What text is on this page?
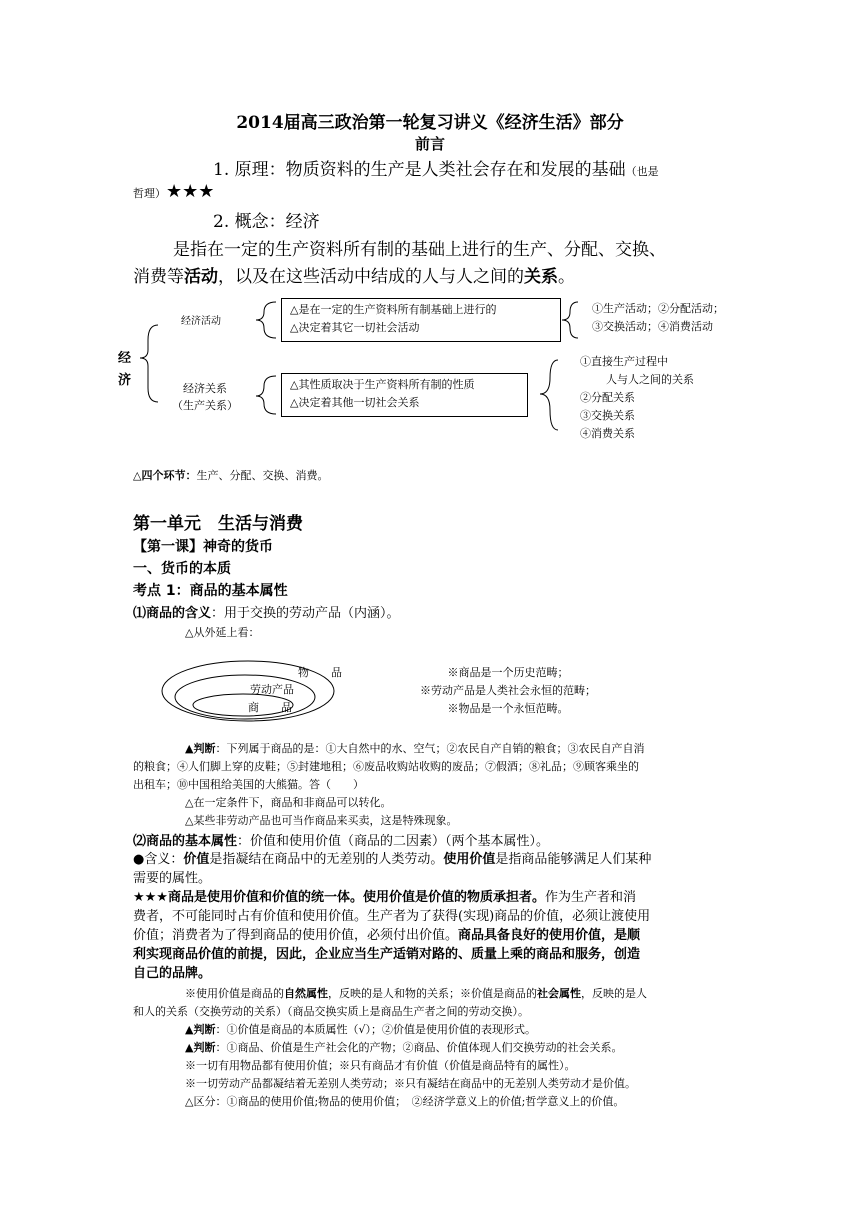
2014届高三政治第一轮复习讲义《经济生活》部分
前言
1. 原理：物质资料的生产是人类社会存在和发展的基础（也是
哲理）★★★
2. 概念：经济
是指在一定的生产资料所有制的基础上进行的生产、分配、交换、
消费等活动，以及在这些活动中结成的人与人之间的关系。
经
济
经济活动
△是在一定的生产资料所有制基础上进行的
△决定着其它一切社会活动
①生产活动；②分配活动；
③交换活动；④消费活动
经济关系
（生产关系）
△其性质取决于生产资料所有制的性质
△决定着其他一切社会关系
①直接生产过程中
人与人之间的关系
②分配关系
③交换关系
④消费关系
△四个环节：生产、分配、交换、消费。
第一单元　生活与消费
【第一课】神奇的货币
一、货币的本质
考点 1：商品的基本属性
⑴商品的含义：用于交换的劳动产品（内涵）。
△从外延上看：
物　　品
劳动产品
商　　品
※商品是一个历史范畴；
※劳动产品是人类社会永恒的范畴；
※物品是一个永恒范畴。
▲判断：下列属于商品的是：①大自然中的水、空气；②农民自产自销的粮食；③农民自产自消
的粮食；④人们脚上穿的皮鞋；⑤封建地租；⑥废品收购站收购的废品；⑦假酒；⑧礼品；⑨顾客乘坐的
出租车；⑩中国租给美国的大熊猫。答（　　）
△在一定条件下，商品和非商品可以转化。
△某些非劳动产品也可当作商品来买卖，这是特殊现象。
⑵商品的基本属性：价值和使用价值（商品的二因素）（两个基本属性）。
●含义：价值是指凝结在商品中的无差别的人类劳动。使用价值是指商品能够满足人们某种
需要的属性。
★★★商品是使用价值和价值的统一体。使用价值是价值的物质承担者。作为生产者和消
费者，不可能同时占有价值和使用价值。生产者为了获得(实现)商品的价值，必须让渡使用
价值；消费者为了得到商品的使用价值，必须付出价值。商品具备良好的使用价值，是顺
利实现商品价值的前提，因此，企业应当生产适销对路的、质量上乘的商品和服务，创造
自己的品牌。
※使用价值是商品的自然属性，反映的是人和物的关系；※价值是商品的社会属性，反映的是人
和人的关系（交换劳动的关系）（商品交换实质上是商品生产者之间的劳动交换）。
▲判断：①价值是商品的本质属性（√）；②价值是使用价值的表现形式。
▲判断：①商品、价值是生产社会化的产物；②商品、价值体现人们交换劳动的社会关系。
※一切有用物品都有使用价值；※只有商品才有价值（价值是商品特有的属性）。
※一切劳动产品都凝结着无差别人类劳动；※只有凝结在商品中的无差别人类劳动才是价值。
△区分：①商品的使用价值;物品的使用价值；　②经济学意义上的价值;哲学意义上的价值。
